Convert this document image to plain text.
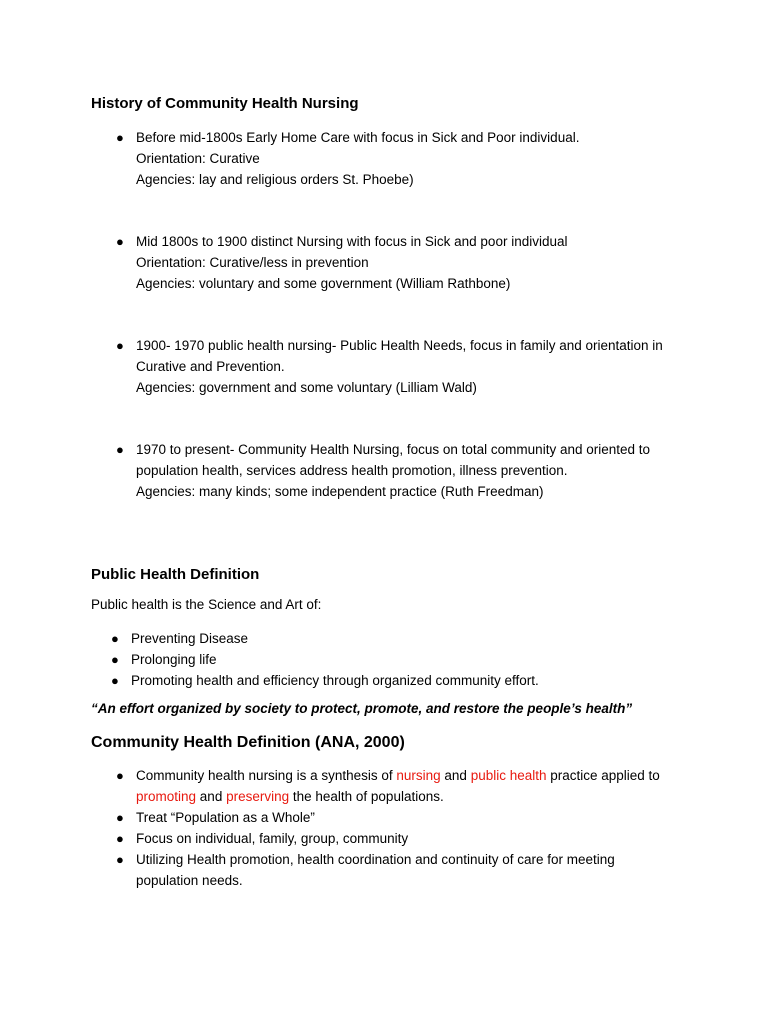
History of Community Health Nursing
● Before mid-1800s Early Home Care with focus in Sick and Poor individual.
Orientation: Curative
Agencies: lay and religious orders St. Phoebe)
● Mid 1800s to 1900 distinct Nursing with focus in Sick and poor individual
Orientation: Curative/less in prevention
Agencies: voluntary and some government (William Rathbone)
● 1900- 1970 public health nursing- Public Health Needs, focus in family and orientation in
Curative and Prevention.
Agencies: government and some voluntary (Lilliam Wald)
● 1970 to present- Community Health Nursing, focus on total community and oriented to
population health, services address health promotion, illness prevention.
Agencies: many kinds; some independent practice (Ruth Freedman)
Public Health Definition

Public health is the Science and Art of:

● Preventing Disease
● Prolonging life
● Promoting health and efficiency through organized community effort.

“An effort organized by society to protect, promote, and restore the people’s health”

Community Health Definition (ANA, 2000)
● Community health nursing is a synthesis of nursing and public health practice applied to
promoting and preserving the health of populations.
● Treat “Population as a Whole”
● Focus on individual, family, group, community
● Utilizing Health promotion, health coordination and continuity of care for meeting
population needs.
